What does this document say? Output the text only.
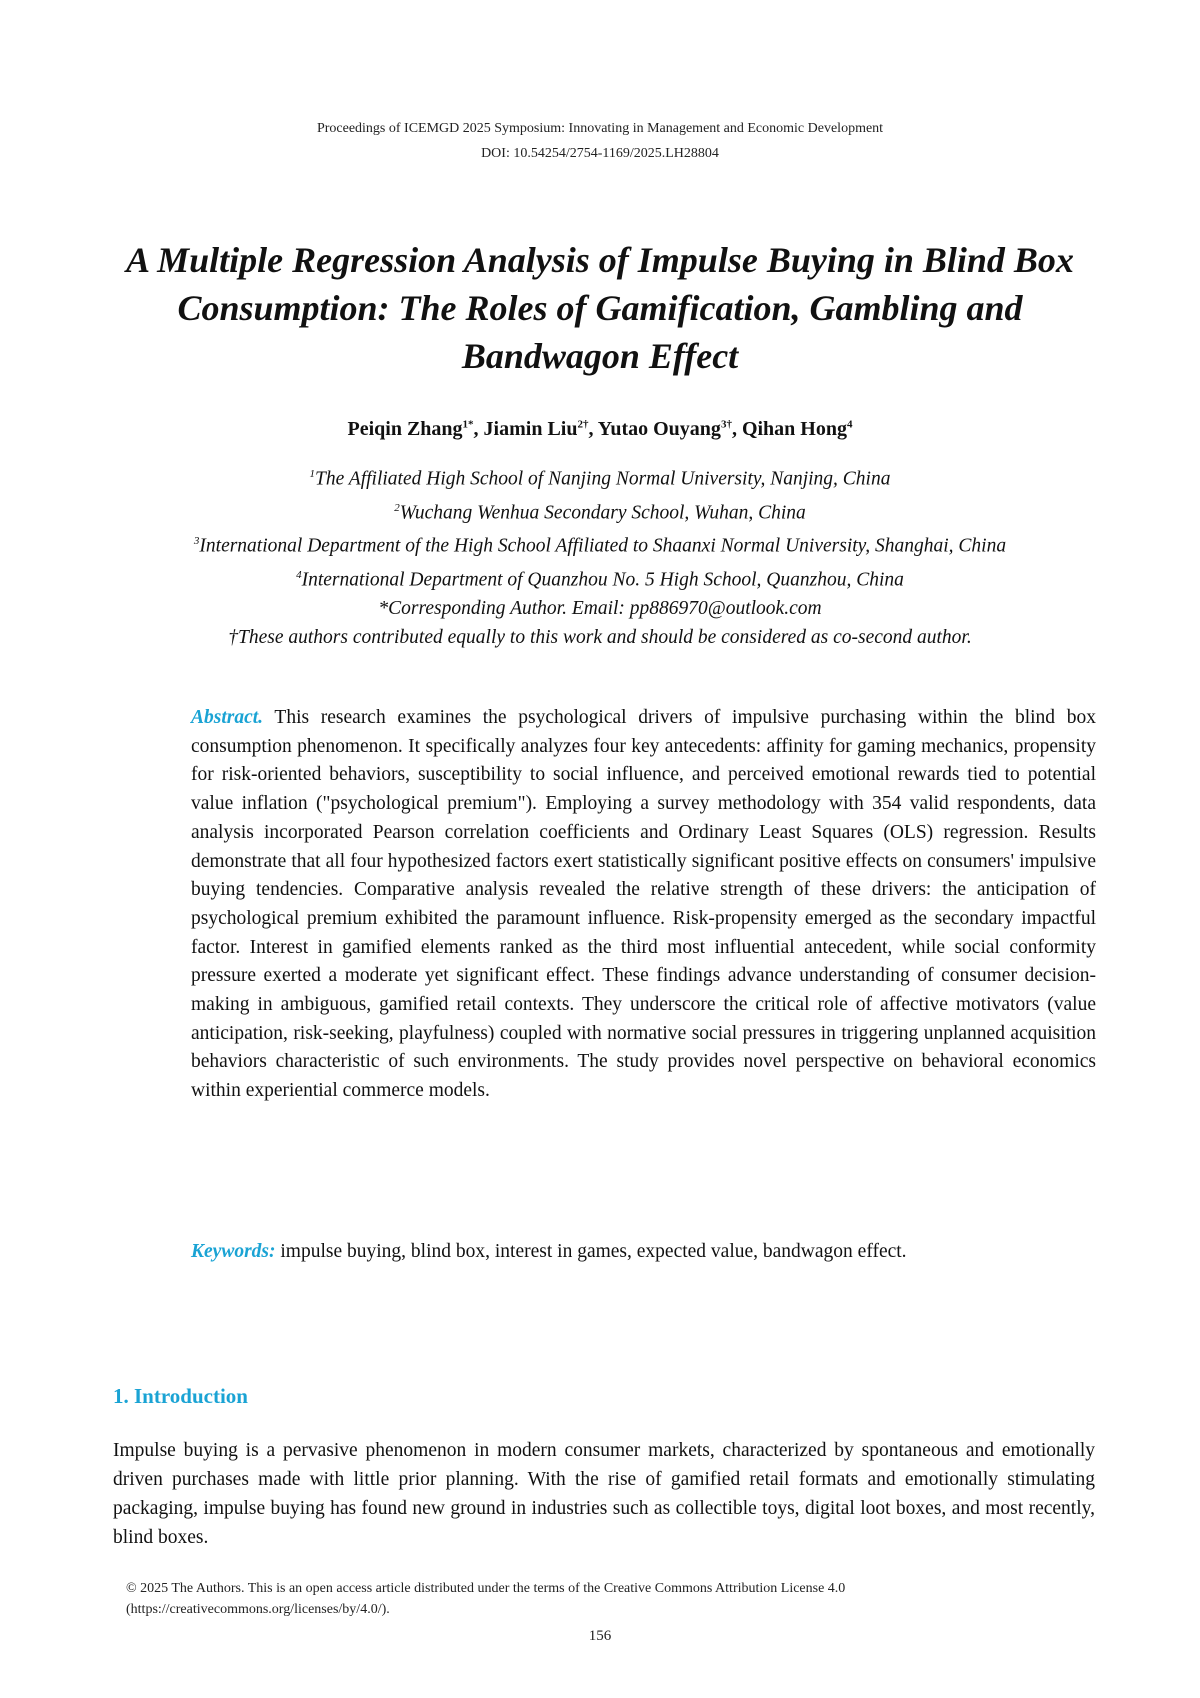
Proceedings of ICEMGD 2025 Symposium: Innovating in Management and Economic Development
DOI: 10.54254/2754-1169/2025.LH28804
A Multiple Regression Analysis of Impulse Buying in Blind Box Consumption: The Roles of Gamification, Gambling and Bandwagon Effect
Peiqin Zhang$^{1*}$, Jiamin Liu$^{2\dagger}$, Yutao Ouyang$^{3\dagger}$, Qihan Hong$^4$
$^1$The Affiliated High School of Nanjing Normal University, Nanjing, China
$^2$Wuchang Wenhua Secondary School, Wuhan, China
$^3$International Department of the High School Affiliated to Shaanxi Normal University, Shanghai, China
$^4$International Department of Quanzhou No. 5 High School, Quanzhou, China
*Corresponding Author. Email: pp886970@outlook.com
†These authors contributed equally to this work and should be considered as co-second author.

Abstract. This research examines the psychological drivers of impulsive purchasing within the blind box consumption phenomenon. It specifically analyzes four key antecedents: affinity for gaming mechanics, propensity for risk-oriented behaviors, susceptibility to social influence, and perceived emotional rewards tied to potential value inflation ("psychological premium"). Employing a survey methodology with 354 valid respondents, data analysis incorporated Pearson correlation coefficients and Ordinary Least Squares (OLS) regression. Results demonstrate that all four hypothesized factors exert statistically significant positive effects on consumers' impulsive buying tendencies. Comparative analysis revealed the relative strength of these drivers: the anticipation of psychological premium exhibited the paramount influence. Risk-propensity emerged as the secondary impactful factor. Interest in gamified elements ranked as the third most influential antecedent, while social conformity pressure exerted a moderate yet significant effect. These findings advance understanding of consumer decision-making in ambiguous, gamified retail contexts. They underscore the critical role of affective motivators (value anticipation, risk-seeking, playfulness) coupled with normative social pressures in triggering unplanned acquisition behaviors characteristic of such environments. The study provides novel perspective on behavioral economics within experiential commerce models.

Keywords: impulse buying, blind box, interest in games, expected value, bandwagon effect.

1. Introduction

Impulse buying is a pervasive phenomenon in modern consumer markets, characterized by spontaneous and emotionally driven purchases made with little prior planning. With the rise of gamified retail formats and emotionally stimulating packaging, impulse buying has found new ground in industries such as collectible toys, digital loot boxes, and most recently, blind boxes.

© 2025 The Authors. This is an open access article distributed under the terms of the Creative Commons Attribution License 4.0
(https://creativecommons.org/licenses/by/4.0/).
156
